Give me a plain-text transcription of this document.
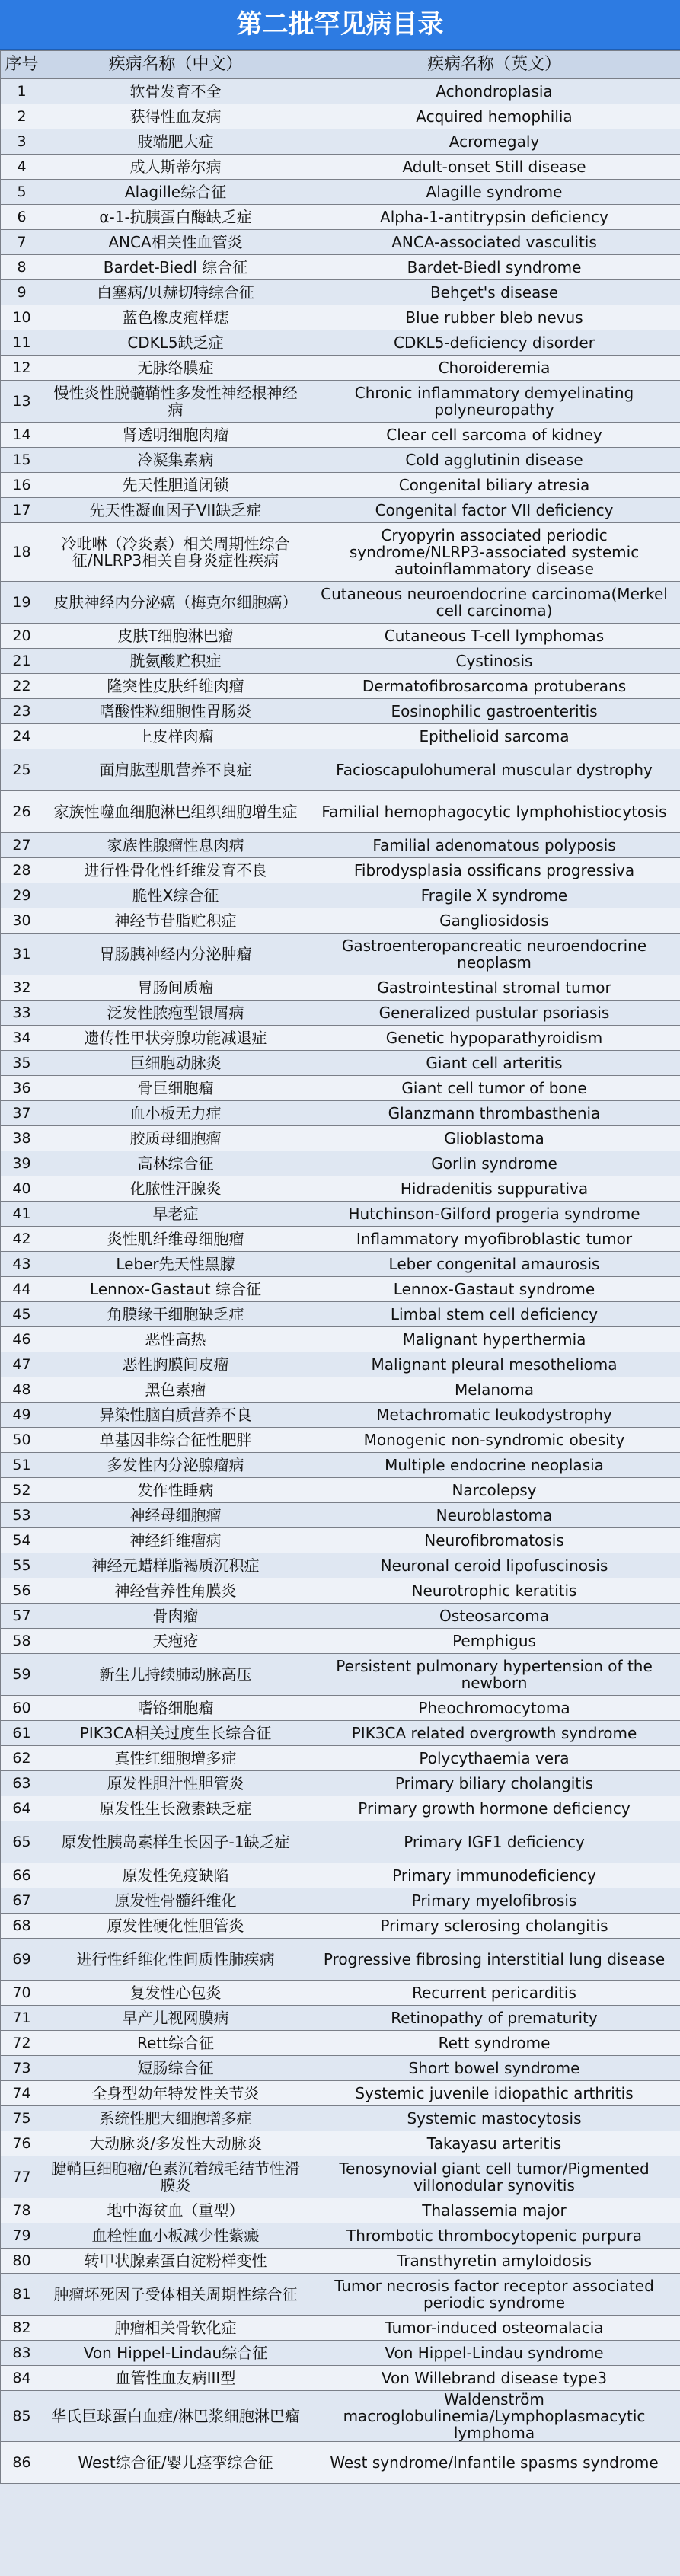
第二批罕见病目录
序号	疾病名称（中文）	疾病名称（英文）
1	软骨发育不全	Achondroplasia
2	获得性血友病	Acquired hemophilia
3	肢端肥大症	Acromegaly
4	成人斯蒂尔病	Adult-onset Still disease
5	Alagille综合征	Alagille syndrome
6	α-1-抗胰蛋白酶缺乏症	Alpha-1-antitrypsin deficiency
7	ANCA相关性血管炎	ANCA-associated vasculitis
8	Bardet-Biedl 综合征	Bardet-Biedl syndrome
9	白塞病/贝赫切特综合征	Behçet's disease
10	蓝色橡皮疱样痣	Blue rubber bleb nevus
11	CDKL5缺乏症	CDKL5-deficiency disorder
12	无脉络膜症	Choroideremia
13	慢性炎性脱髓鞘性多发性神经根神经病	Chronic inflammatory demyelinating polyneuropathy
14	肾透明细胞肉瘤	Clear cell sarcoma of kidney
15	冷凝集素病	Cold agglutinin disease
16	先天性胆道闭锁	Congenital biliary atresia
17	先天性凝血因子VII缺乏症	Congenital factor VII deficiency
18	冷吡啉（冷炎素）相关周期性综合征/NLRP3相关自身炎症性疾病	Cryopyrin associated periodic syndrome/NLRP3-associated systemic autoinflammatory disease
19	皮肤神经内分泌癌（梅克尔细胞癌）	Cutaneous neuroendocrine carcinoma(Merkel cell carcinoma)
20	皮肤T细胞淋巴瘤	Cutaneous T-cell lymphomas
21	胱氨酸贮积症	Cystinosis
22	隆突性皮肤纤维肉瘤	Dermatofibrosarcoma protuberans
23	嗜酸性粒细胞性胃肠炎	Eosinophilic gastroenteritis
24	上皮样肉瘤	Epithelioid sarcoma
25	面肩肱型肌营养不良症	Facioscapulohumeral muscular dystrophy
26	家族性噬血细胞淋巴组织细胞增生症	Familial hemophagocytic lymphohistiocytosis
27	家族性腺瘤性息肉病	Familial adenomatous polyposis
28	进行性骨化性纤维发育不良	Fibrodysplasia ossificans progressiva
29	脆性X综合征	Fragile X syndrome
30	神经节苷脂贮积症	Gangliosidosis
31	胃肠胰神经内分泌肿瘤	Gastroenteropancreatic neuroendocrine neoplasm
32	胃肠间质瘤	Gastrointestinal stromal tumor
33	泛发性脓疱型银屑病	Generalized pustular psoriasis
34	遗传性甲状旁腺功能减退症	Genetic hypoparathyroidism
35	巨细胞动脉炎	Giant cell arteritis
36	骨巨细胞瘤	Giant cell tumor of bone
37	血小板无力症	Glanzmann thrombasthenia
38	胶质母细胞瘤	Glioblastoma
39	高林综合征	Gorlin syndrome
40	化脓性汗腺炎	Hidradenitis suppurativa
41	早老症	Hutchinson-Gilford progeria syndrome
42	炎性肌纤维母细胞瘤	Inflammatory myofibroblastic tumor
43	Leber先天性黑朦	Leber congenital amaurosis
44	Lennox-Gastaut 综合征	Lennox-Gastaut syndrome
45	角膜缘干细胞缺乏症	Limbal stem cell deficiency
46	恶性高热	Malignant hyperthermia
47	恶性胸膜间皮瘤	Malignant pleural mesothelioma
48	黑色素瘤	Melanoma
49	异染性脑白质营养不良	Metachromatic leukodystrophy
50	单基因非综合征性肥胖	Monogenic non-syndromic obesity
51	多发性内分泌腺瘤病	Multiple endocrine neoplasia
52	发作性睡病	Narcolepsy
53	神经母细胞瘤	Neuroblastoma
54	神经纤维瘤病	Neurofibromatosis
55	神经元蜡样脂褐质沉积症	Neuronal ceroid lipofuscinosis
56	神经营养性角膜炎	Neurotrophic keratitis
57	骨肉瘤	Osteosarcoma
58	天疱疮	Pemphigus
59	新生儿持续肺动脉高压	Persistent pulmonary hypertension of the newborn
60	嗜铬细胞瘤	Pheochromocytoma
61	PIK3CA相关过度生长综合征	PIK3CA related overgrowth syndrome
62	真性红细胞增多症	Polycythaemia vera
63	原发性胆汁性胆管炎	Primary biliary cholangitis
64	原发性生长激素缺乏症	Primary growth hormone deficiency
65	原发性胰岛素样生长因子-1缺乏症	Primary IGF1 deficiency
66	原发性免疫缺陷	Primary immunodeficiency
67	原发性骨髓纤维化	Primary myelofibrosis
68	原发性硬化性胆管炎	Primary sclerosing cholangitis
69	进行性纤维化性间质性肺疾病	Progressive fibrosing interstitial lung disease
70	复发性心包炎	Recurrent pericarditis
71	早产儿视网膜病	Retinopathy of prematurity
72	Rett综合征	Rett syndrome
73	短肠综合征	Short bowel syndrome
74	全身型幼年特发性关节炎	Systemic juvenile idiopathic arthritis
75	系统性肥大细胞增多症	Systemic mastocytosis
76	大动脉炎/多发性大动脉炎	Takayasu arteritis
77	腱鞘巨细胞瘤/色素沉着绒毛结节性滑膜炎	Tenosynovial giant cell tumor/Pigmented villonodular synovitis
78	地中海贫血（重型）	Thalassemia major
79	血栓性血小板减少性紫癜	Thrombotic thrombocytopenic purpura
80	转甲状腺素蛋白淀粉样变性	Transthyretin amyloidosis
81	肿瘤坏死因子受体相关周期性综合征	Tumor necrosis factor receptor associated periodic syndrome
82	肿瘤相关骨软化症	Tumor-induced osteomalacia
83	Von Hippel-Lindau综合征	Von Hippel-Lindau syndrome
84	血管性血友病III型	Von Willebrand disease type3
85	华氏巨球蛋白血症/淋巴浆细胞淋巴瘤	Waldenström macroglobulinemia/Lymphoplasmacytic lymphoma
86	West综合征/婴儿痉挛综合征	West syndrome/Infantile spasms syndrome
